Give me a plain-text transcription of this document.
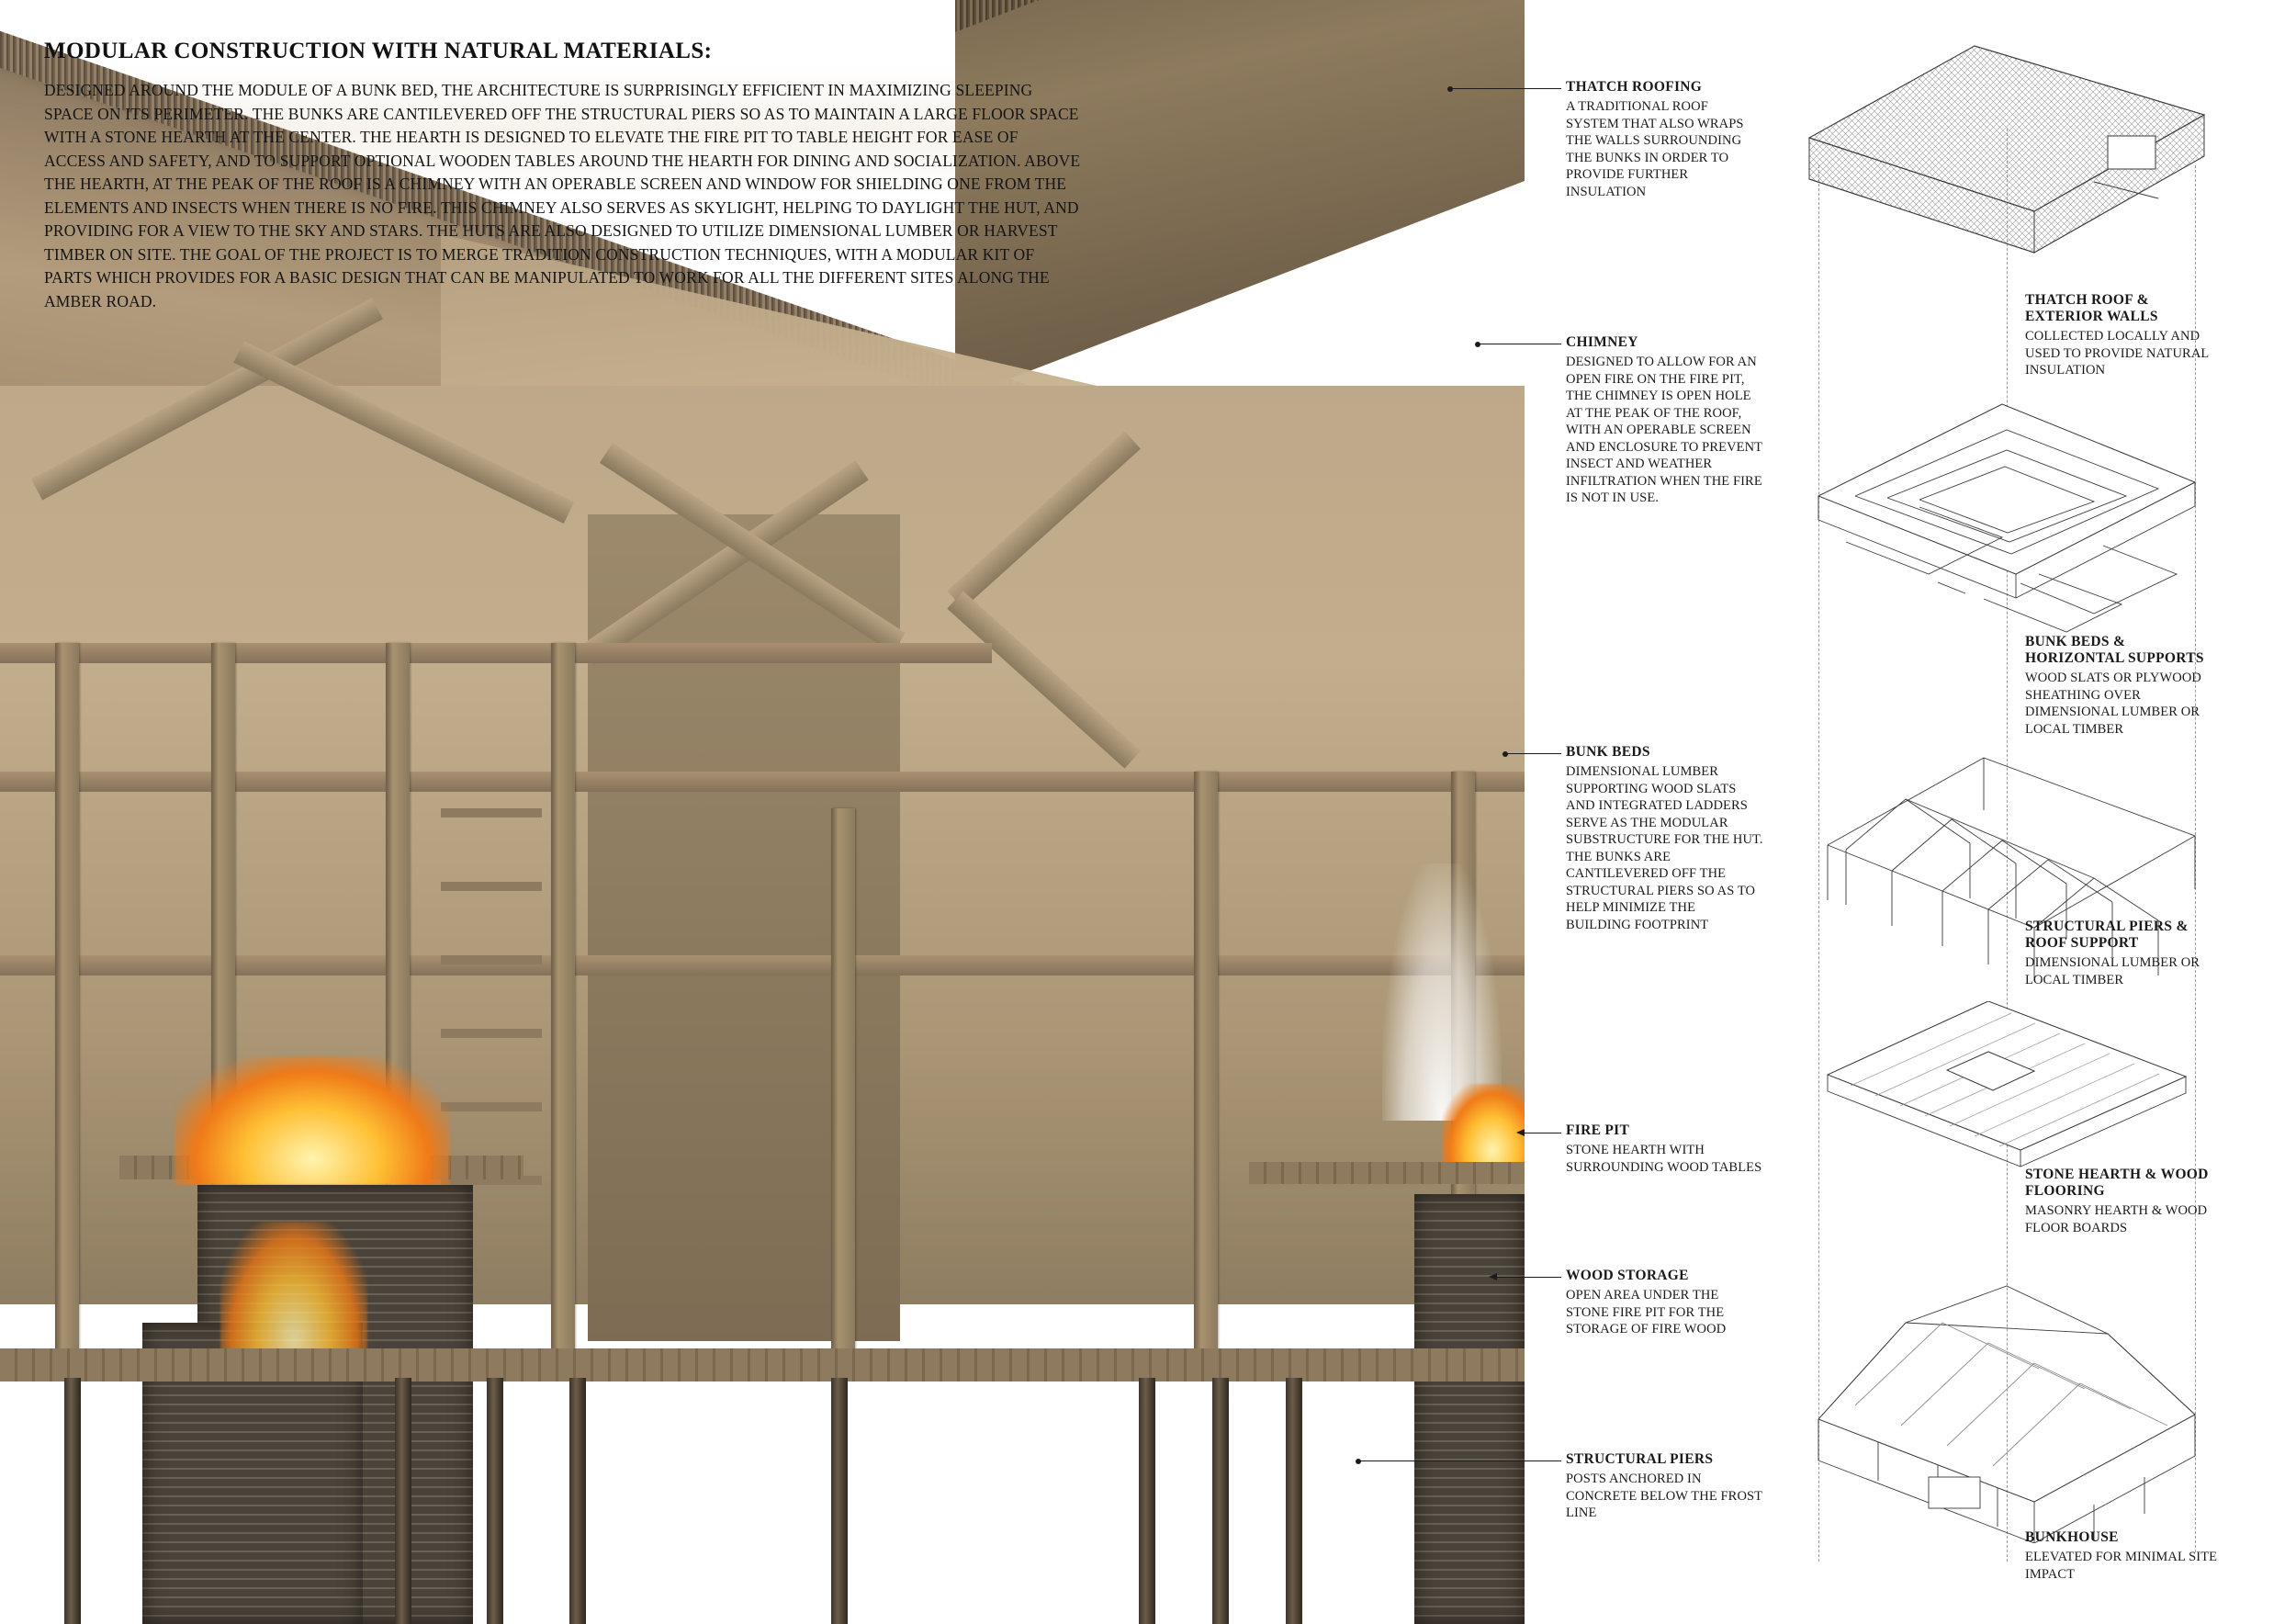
MODULAR CONSTRUCTION WITH NATURAL MATERIALS:

DESIGNED AROUND THE MODULE OF A BUNK BED, THE ARCHITECTURE IS SURPRISINGLY EFFICIENT IN MAXIMIZING SLEEPING SPACE ON ITS PERIMETER. THE BUNKS ARE CANTILEVERED OFF THE STRUCTURAL PIERS SO AS TO MAINTAIN A LARGE FLOOR SPACE WITH A STONE HEARTH AT THE CENTER. THE HEARTH IS DESIGNED TO ELEVATE THE FIRE PIT TO TABLE HEIGHT FOR EASE OF ACCESS AND SAFETY, AND TO SUPPORT OPTIONAL WOODEN TABLES AROUND THE HEARTH FOR DINING AND SOCIALIZATION. ABOVE THE HEARTH, AT THE PEAK OF THE ROOF IS A CHIMNEY WITH AN OPERABLE SCREEN AND WINDOW FOR SHIELDING ONE FROM THE ELEMENTS AND INSECTS WHEN THERE IS NO FIRE. THIS CHIMNEY ALSO SERVES AS SKYLIGHT, HELPING TO DAYLIGHT THE HUT, AND PROVIDING FOR A VIEW TO THE SKY AND STARS. THE HUTS ARE ALSO DESIGNED TO UTILIZE DIMENSIONAL LUMBER OR HARVEST TIMBER ON SITE. THE GOAL OF THE PROJECT IS TO MERGE TRADITION CONSTRUCTION TECHNIQUES, WITH A MODULAR KIT OF PARTS WHICH PROVIDES FOR A BASIC DESIGN THAT CAN BE MANIPULATED TO WORK FOR ALL THE DIFFERENT SITES ALONG THE AMBER ROAD.

THATCH ROOFING

A TRADITIONAL ROOF SYSTEM THAT ALSO WRAPS THE WALLS SURROUNDING THE BUNKS IN ORDER TO PROVIDE FURTHER INSULATION

CHIMNEY

DESIGNED TO ALLOW FOR AN OPEN FIRE ON THE FIRE PIT, THE CHIMNEY IS OPEN HOLE AT THE PEAK OF THE ROOF, WITH AN OPERABLE SCREEN AND ENCLOSURE TO PREVENT INSECT AND WEATHER INFILTRATION WHEN THE FIRE IS NOT IN USE.

BUNK BEDS

DIMENSIONAL LUMBER SUPPORTING WOOD SLATS AND INTEGRATED LADDERS SERVE AS THE MODULAR SUBSTRUCTURE FOR THE HUT. THE BUNKS ARE CANTILEVERED OFF THE STRUCTURAL PIERS SO AS TO HELP MINIMIZE THE BUILDING FOOTPRINT

FIRE PIT

STONE HEARTH WITH SURROUNDING WOOD TABLES

WOOD STORAGE

OPEN AREA UNDER THE STONE FIRE PIT FOR THE STORAGE OF FIRE WOOD

STRUCTURAL PIERS

POSTS ANCHORED IN CONCRETE BELOW THE FROST LINE

THATCH ROOF & EXTERIOR WALLS

COLLECTED LOCALLY AND USED TO PROVIDE NATURAL INSULATION

BUNK BEDS & HORIZONTAL SUPPORTS

WOOD SLATS OR PLYWOOD SHEATHING OVER DIMENSIONAL LUMBER OR LOCAL TIMBER

STRUCTURAL PIERS & ROOF SUPPORT

DIMENSIONAL LUMBER OR LOCAL TIMBER

STONE HEARTH & WOOD FLOORING

MASONRY HEARTH & WOOD FLOOR BOARDS

BUNKHOUSE

ELEVATED FOR MINIMAL SITE IMPACT
